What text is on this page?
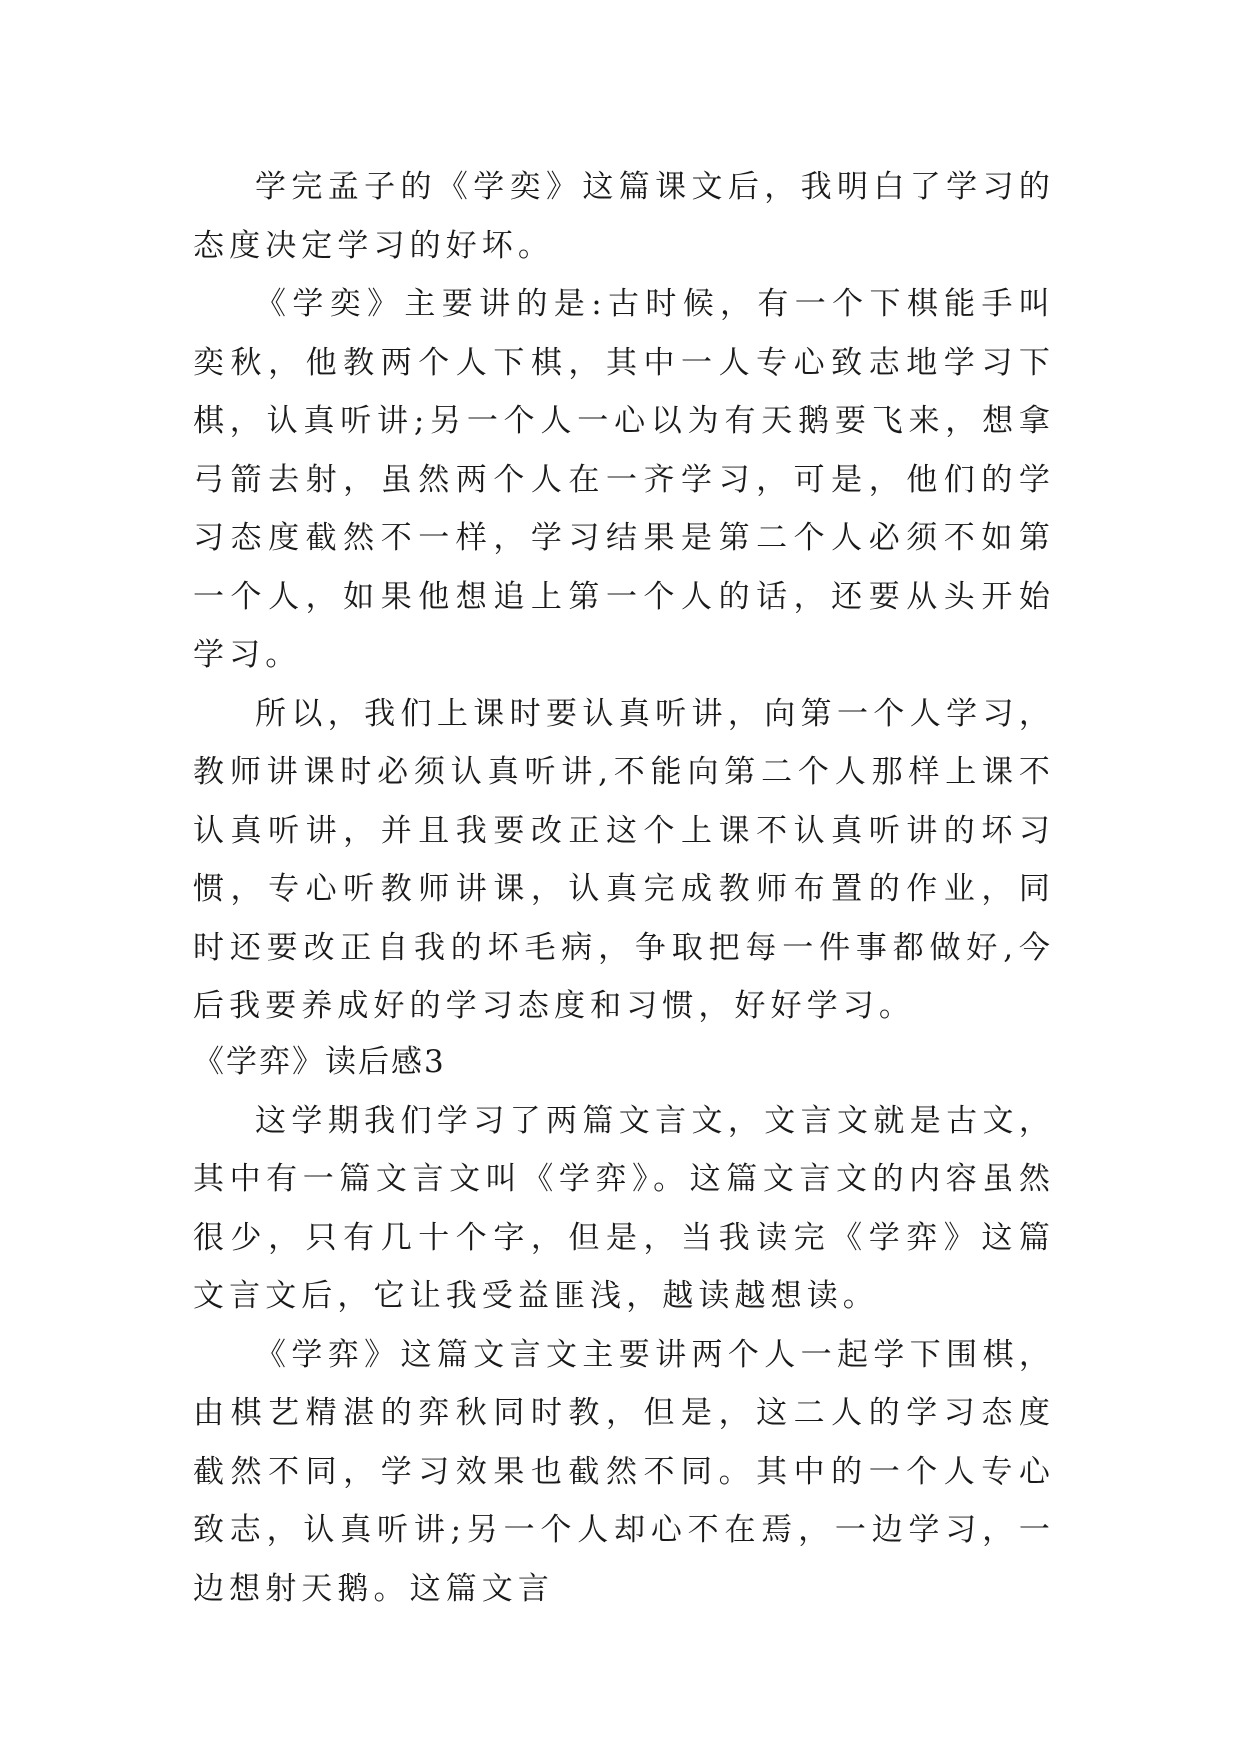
学完孟子的《学奕》这篇课文后，我明白了学习的态度决定学习的好坏。

《学奕》主要讲的是:古时候，有一个下棋能手叫奕秋，他教两个人下棋，其中一人专心致志地学习下棋，认真听讲;另一个人一心以为有天鹅要飞来，想拿弓箭去射，虽然两个人在一齐学习，可是，他们的学习态度截然不一样，学习结果是第二个人必须不如第一个人，如果他想追上第一个人的话，还要从头开始学习。

所以，我们上课时要认真听讲，向第一个人学习，教师讲课时必须认真听讲,不能向第二个人那样上课不认真听讲，并且我要改正这个上课不认真听讲的坏习惯，专心听教师讲课，认真完成教师布置的作业，同时还要改正自我的坏毛病，争取把每一件事都做好,今后我要养成好的学习态度和习惯，好好学习。

《学弈》读后感3

这学期我们学习了两篇文言文，文言文就是古文，其中有一篇文言文叫《学弈》。这篇文言文的内容虽然很少，只有几十个字，但是，当我读完《学弈》这篇文言文后，它让我受益匪浅，越读越想读。

《学弈》这篇文言文主要讲两个人一起学下围棋，由棋艺精湛的弈秋同时教，但是，这二人的学习态度截然不同，学习效果也截然不同。其中的一个人专心致志，认真听讲;另一个人却心不在焉，一边学习，一边想射天鹅。这篇文言
